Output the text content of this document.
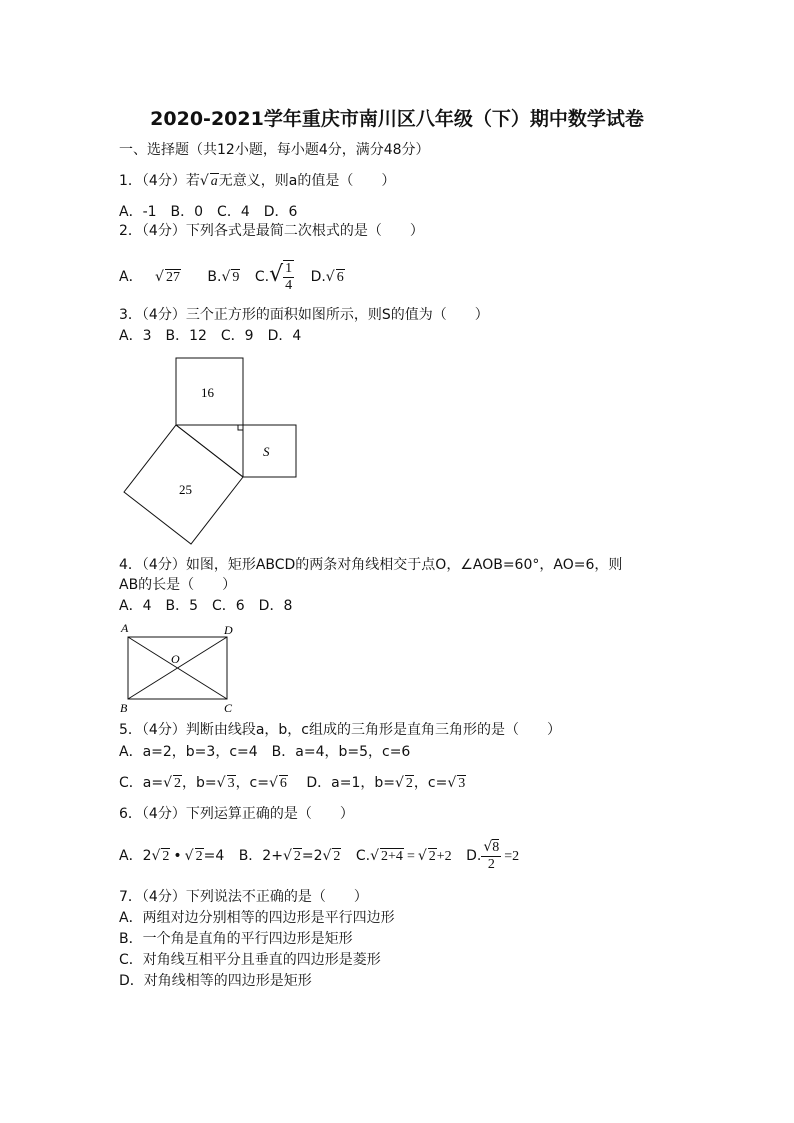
2020-2021学年重庆市南川区八年级（下）期中数学试卷
一、选择题（共12小题，每小题4分，满分48分）
1．（4分）若√ a无意义，则a的值是（　　）
A．-1　B．0　C．4　D．6
2．（4分）下列各式是最简二次根式的是（　　）
A． √ 27 B.√ 9 $C.√ \frac{1}{4} D.√$ 6
3．（4分）三个正方形的面积如图所示，则S的值为（　　）
A．3　B．12　C．9　D．4
16
S
25
A	D
O
B	C
4．（4分）如图，矩形ABCD的两条对角线相交于点O，∠AOB=60°，AO=6，则
AB的长是（　　）
A．4　B．5　C．6　D．8
5．（4分）判断由线段a，b，c组成的三角形是直角三角形的是（　　）
A．a=2，b=3，c=4　B．a=4，b=5，c=6
C．a=√ 2，b=√ 3，c=√ 6 D．a=1，b=√ 2，c=√ 3
6．（4分）下列运算正确的是（　　）
A．2√ 2 • √ 2=4 B．2+√ 2=2√ 2 C.√ 2+4 = √ 2+2 D. $\frac{√8}{2} =2$
7．（4分）下列说法不正确的是（　　）
A．两组对边分别相等的四边形是平行四边形
B．一个角是直角的平行四边形是矩形
C．对角线互相平分且垂直的四边形是菱形
D．对角线相等的四边形是矩形
